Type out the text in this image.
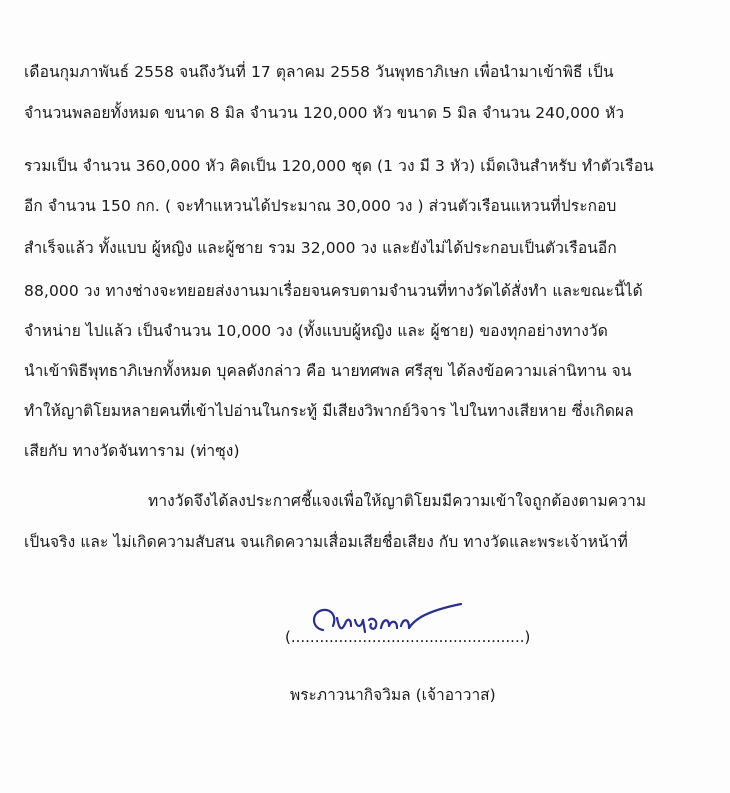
เดือนกุมภาพันธ์ 2558 จนถึงวันที่ 17 ตุลาคม 2558 วันพุทธาภิเษก เพื่อนำมาเข้าพิธี เป็น
จำนวนพลอยทั้งหมด ขนาด 8 มิล จำนวน 120,000 หัว ขนาด 5 มิล จำนวน 240,000 หัว
รวมเป็น จำนวน 360,000 หัว คิดเป็น 120,000 ชุด (1 วง มี 3 หัว) เม็ดเงินสำหรับ ทำตัวเรือน
อีก จำนวน 150 กก. ( จะทำแหวนได้ประมาณ 30,000 วง ) ส่วนตัวเรือนแหวนที่ประกอบ
สำเร็จแล้ว ทั้งแบบ ผู้หญิง และผู้ชาย รวม 32,000 วง และยังไม่ได้ประกอบเป็นตัวเรือนอีก
88,000 วง ทางช่างจะทยอยส่งงานมาเรื่อยจนครบตามจำนวนที่ทางวัดได้สั่งทำ และขณะนี้ได้
จำหน่าย ไปแล้ว เป็นจำนวน 10,000 วง (ทั้งแบบผู้หญิง และ ผู้ชาย) ของทุกอย่างทางวัด
นำเข้าพิธีพุทธาภิเษกทั้งหมด บุคลดังกล่าว คือ นายทศพล ศรีสุข ได้ลงข้อความเล่านิทาน จน
ทำให้ญาติโยมหลายคนที่เข้าไปอ่านในกระทู้ มีเสียงวิพากย์วิจาร ไปในทางเสียหาย ซึ่งเกิดผล
เสียกับ ทางวัดจันทาราม (ท่าซุง)
ทางวัดจึงได้ลงประกาศชี้แจงเพื่อให้ญาติโยมมีความเข้าใจถูกต้องตามความ
เป็นจริง และ ไม่เกิดความสับสน จนเกิดความเสื่อมเสียชื่อเสียง กับ ทางวัดและพระเจ้าหน้าที่
(.................................................)
พระภาวนากิจวิมล (เจ้าอาวาส)
